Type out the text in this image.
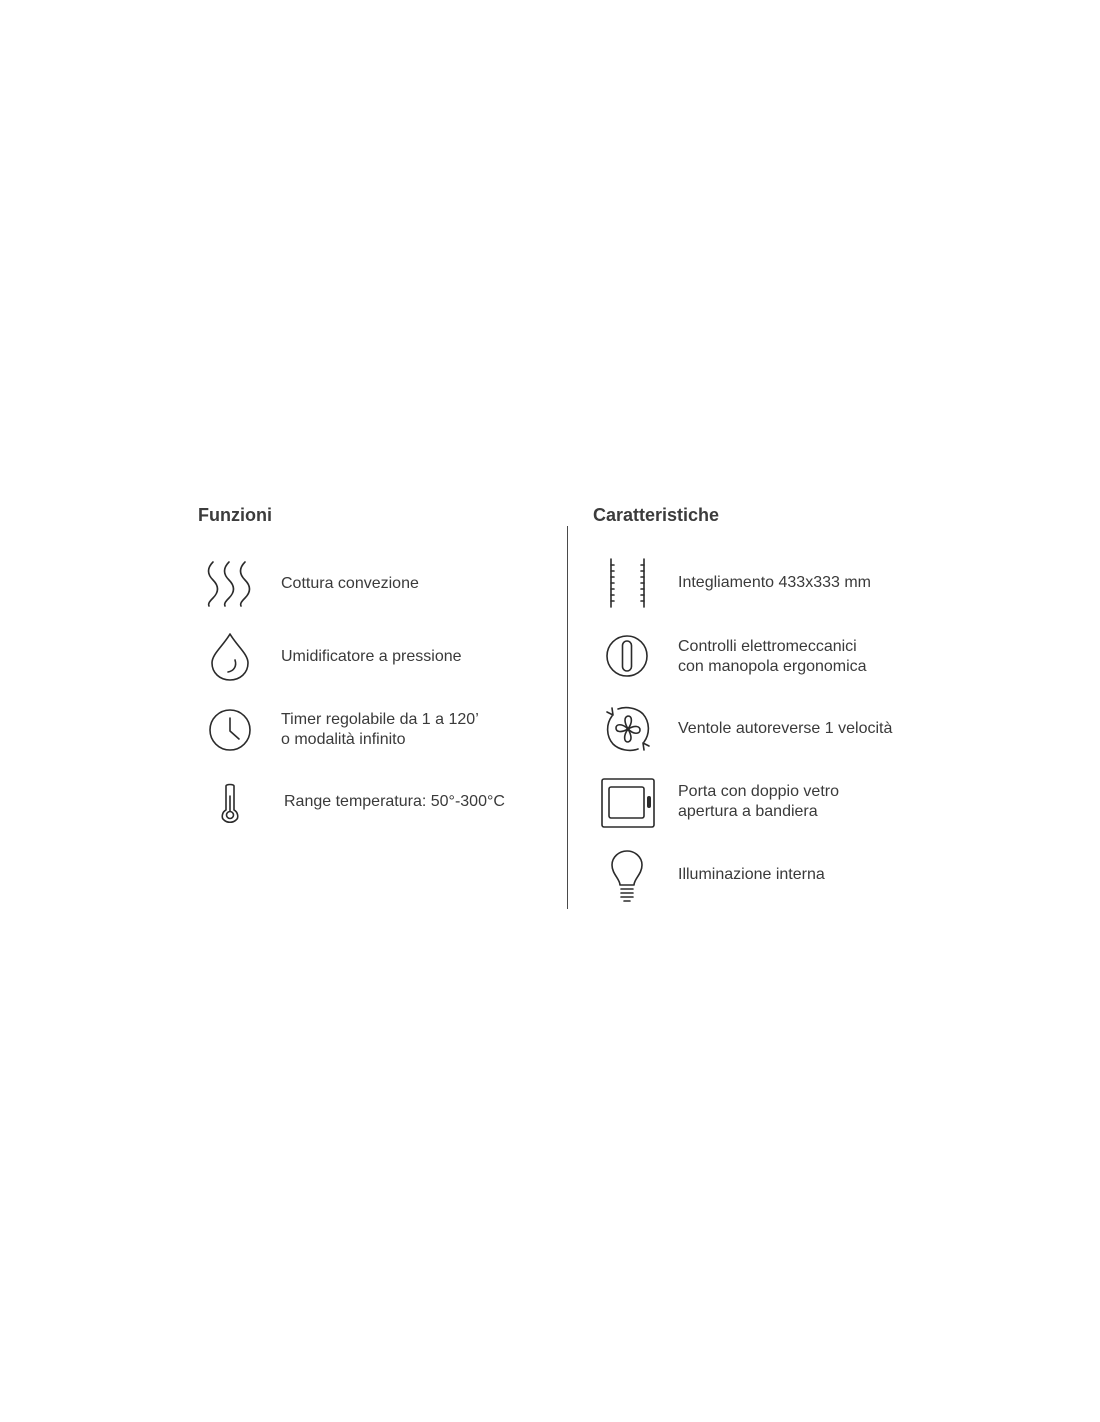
Funzioni	Caratteristiche
Cottura convezione
Umidificatore a pressione
Timer regolabile da 1 a 120’
o modalità infinito
Range temperatura: 50°-300°C
Integliamento 433x333 mm
Controlli elettromeccanici
con manopola ergonomica
Ventole autoreverse 1 velocità
Porta con doppio vetro
apertura a bandiera
Illuminazione interna
